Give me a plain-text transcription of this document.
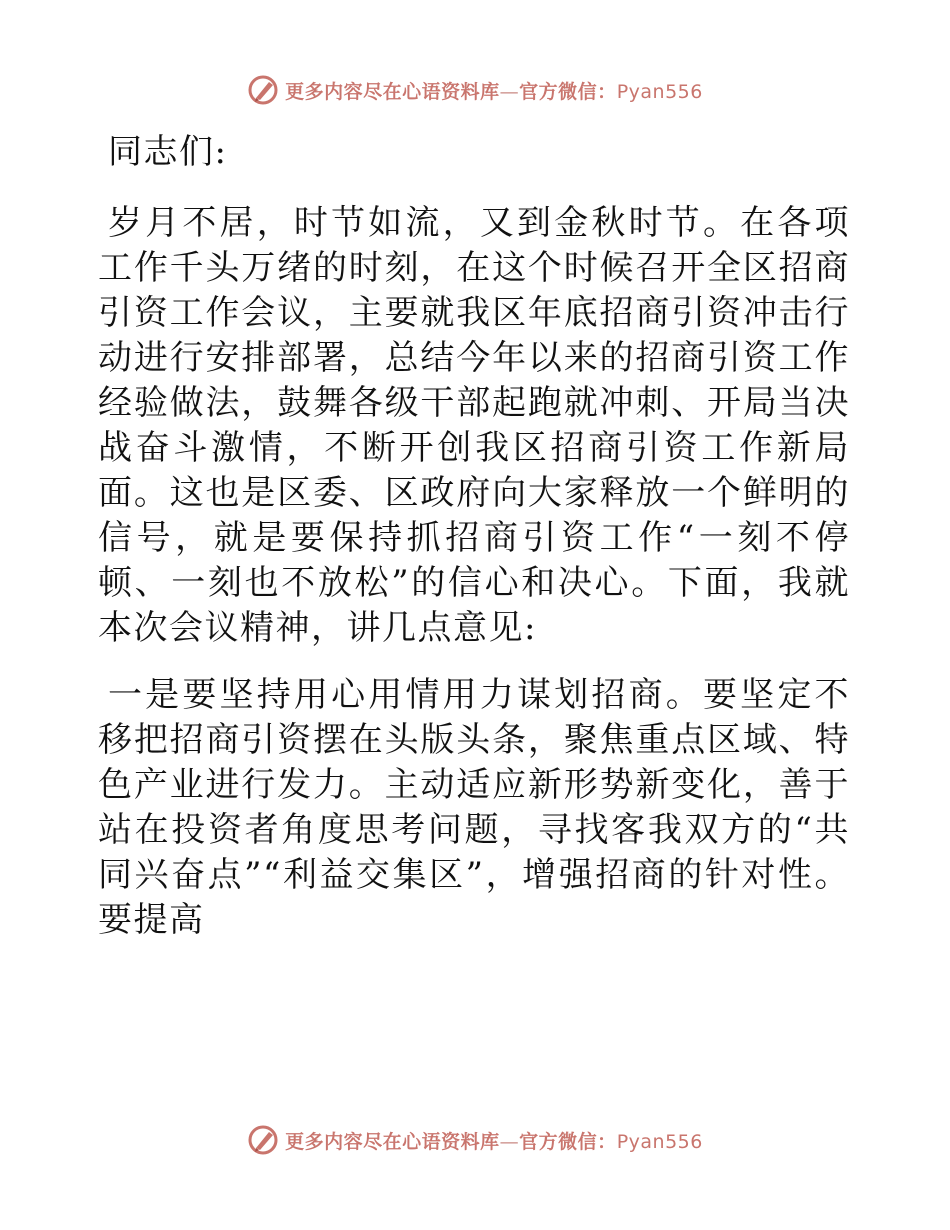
更多内容尽在心语资料库—官方微信：Pyan556

同志们:

岁月不居，时节如流，又到金秋时节。在各项工作千头万绪的时刻，在这个时候召开全区招商引资工作会议，主要就我区年底招商引资冲击行动进行安排部署，总结今年以来的招商引资工作经验做法，鼓舞各级干部起跑就冲刺、开局当决战奋斗激情，不断开创我区招商引资工作新局面。这也是区委、区政府向大家释放一个鲜明的信号，就是要保持抓招商引资工作“一刻不停顿、一刻也不放松”的信心和决心。下面，我就本次会议精神，讲几点意见:

一是要坚持用心用情用力谋划招商。要坚定不移把招商引资摆在头版头条，聚焦重点区域、特色产业进行发力。主动适应新形势新变化，善于站在投资者角度思考问题，寻找客我双方的“共同兴奋点”“利益交集区”，增强招商的针对性。要提高

更多内容尽在心语资料库—官方微信：Pyan556
